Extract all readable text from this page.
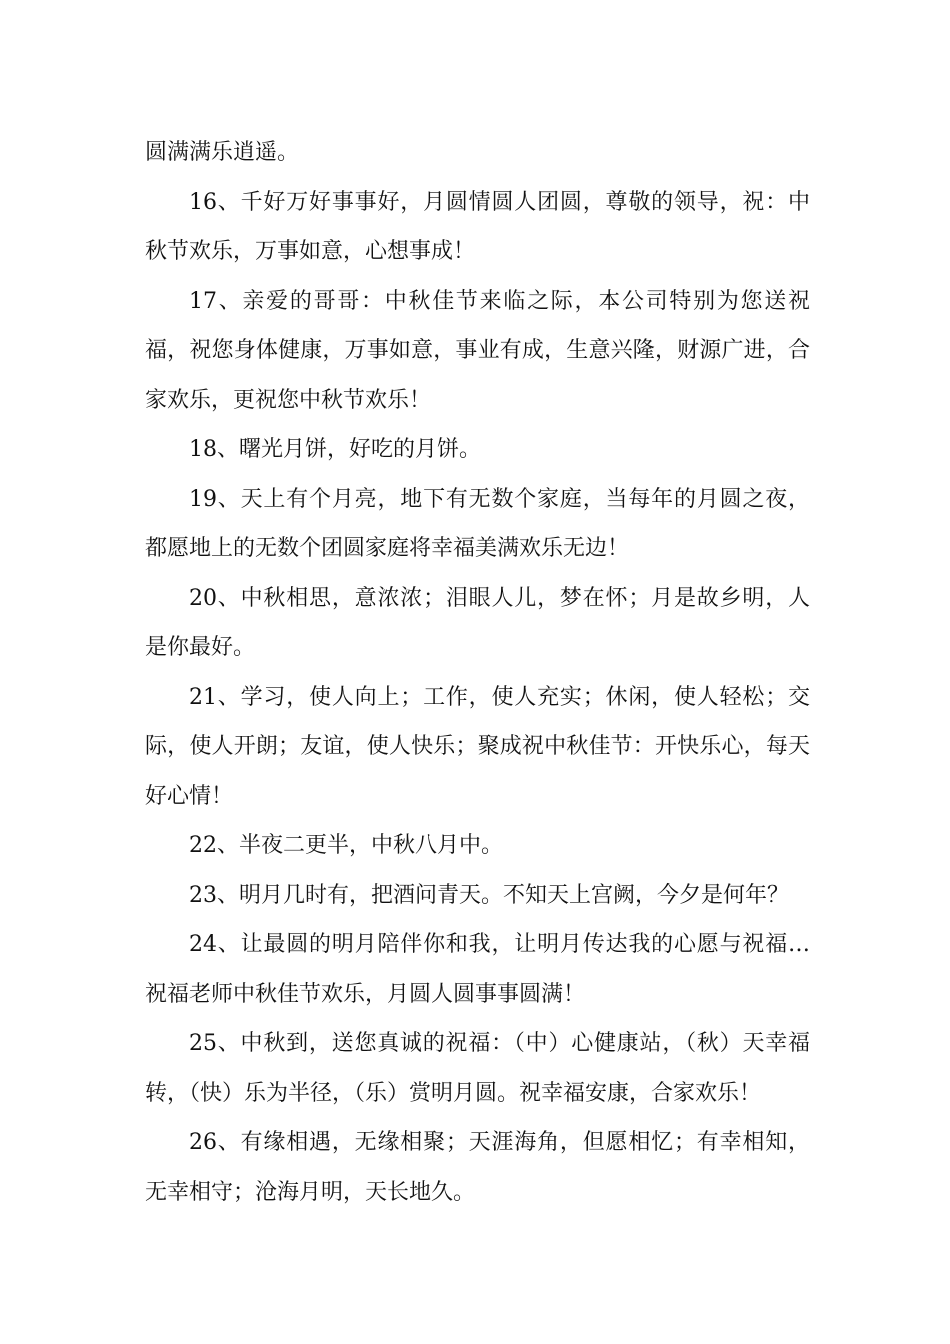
圆满满乐逍遥。

16、千好万好事事好，月圆情圆人团圆，尊敬的领导，祝：中秋节欢乐，万事如意，心想事成！

17、亲爱的哥哥：中秋佳节来临之际，本公司特别为您送祝福，祝您身体健康，万事如意，事业有成，生意兴隆，财源广进，合家欢乐，更祝您中秋节欢乐！

18、曙光月饼，好吃的月饼。

19、天上有个月亮，地下有无数个家庭，当每年的月圆之夜，都愿地上的无数个团圆家庭将幸福美满欢乐无边！

20、中秋相思，意浓浓；泪眼人儿，梦在怀；月是故乡明，人是你最好。

21、学习，使人向上；工作，使人充实；休闲，使人轻松；交际，使人开朗；友谊，使人快乐；聚成祝中秋佳节：开快乐心，每天好心情！

22、半夜二更半，中秋八月中。

23、明月几时有，把酒问青天。不知天上宫阙，今夕是何年？

24、让最圆的明月陪伴你和我，让明月传达我的心愿与祝福…祝福老师中秋佳节欢乐，月圆人圆事事圆满！

25、中秋到，送您真诚的祝福：（中）心健康站，（秋）天幸福转，（快）乐为半径，（乐）赏明月圆。祝幸福安康，合家欢乐！

26、有缘相遇，无缘相聚；天涯海角，但愿相忆；有幸相知，无幸相守；沧海月明，天长地久。
